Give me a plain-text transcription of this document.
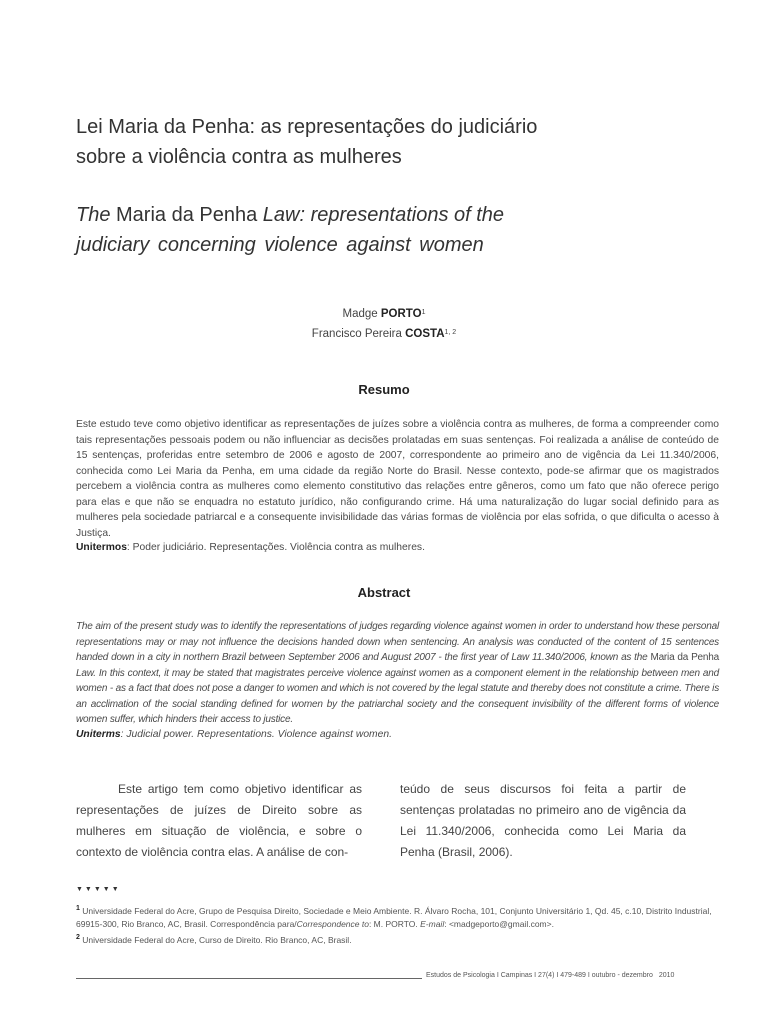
Lei Maria da Penha: as representações do judiciário
sobre a violência contra as mulheres
The Maria da Penha Law: representations of the
judiciary concerning violence against women
Madge PORTO$^1$
Francisco Pereira COSTA$^{1, 2}$
Resumo
Este estudo teve como objetivo identificar as representações de juízes sobre a violência contra as mulheres, de forma a compreender como tais representações pessoais podem ou não influenciar as decisões prolatadas em suas sentenças. Foi realizada a análise de conteúdo de 15 sentenças, proferidas entre setembro de 2006 e agosto de 2007, correspondente ao primeiro ano de vigência da Lei 11.340/2006, conhecida como Lei Maria da Penha, em uma cidade da região Norte do Brasil. Nesse contexto, pode-se afirmar que os magistrados percebem a violência contra as mulheres como elemento constitutivo das relações entre gêneros, como um fato que não oferece perigo para elas e que não se enquadra no estatuto jurídico, não configurando crime. Há uma naturalização do lugar social definido para as mulheres pela sociedade patriarcal e a consequente invisibilidade das várias formas de violência por elas sofrida, o que dificulta o acesso à Justiça.
Unitermos: Poder judiciário. Representações. Violência contra as mulheres.
Abstract
The aim of the present study was to identify the representations of judges regarding violence against women in order to understand how these personal representations may or may not influence the decisions handed down when sentencing. An analysis was conducted of the content of 15 sentences handed down in a city in northern Brazil between September 2006 and August 2007 - the first year of Law 11.340/2006, known as the Maria da Penha Law. In this context, it may be stated that magistrates perceive violence against women as a component element in the relationship between men and women - as a fact that does not pose a danger to women and which is not covered by the legal statute and thereby does not constitute a crime. There is an acclimation of the social standing defined for women by the patriarchal society and the consequent invisibility of the different forms of violence women suffer, which hinders their access to justice.
Uniterms: Judicial power. Representations. Violence against women.
Este artigo tem como objetivo identificar as representações de juízes de Direito sobre as mulheres em situação de violência, e sobre o contexto de violência contra elas. A análise de con-
teúdo de seus discursos foi feita a partir de sentenças prolatadas no primeiro ano de vigência da Lei 11.340/2006, conhecida como Lei Maria da Penha (Brasil, 2006).
▼▼▼▼▼
$^1$ Universidade Federal do Acre, Grupo de Pesquisa Direito, Sociedade e Meio Ambiente. R. Álvaro Rocha, 101, Conjunto Universitário 1, Qd. 45, c.10, Distrito Industrial, 69915-300, Rio Branco, AC, Brasil. Correspondência para/Correspondence to: M. PORTO. E-mail: <madgeporto@gmail.com>.
$^2$ Universidade Federal do Acre, Curso de Direito. Rio Branco, AC, Brasil.
Estudos de Psicologia I Campinas I 27(4) I 479-489 I outubro - dezembro 2010
